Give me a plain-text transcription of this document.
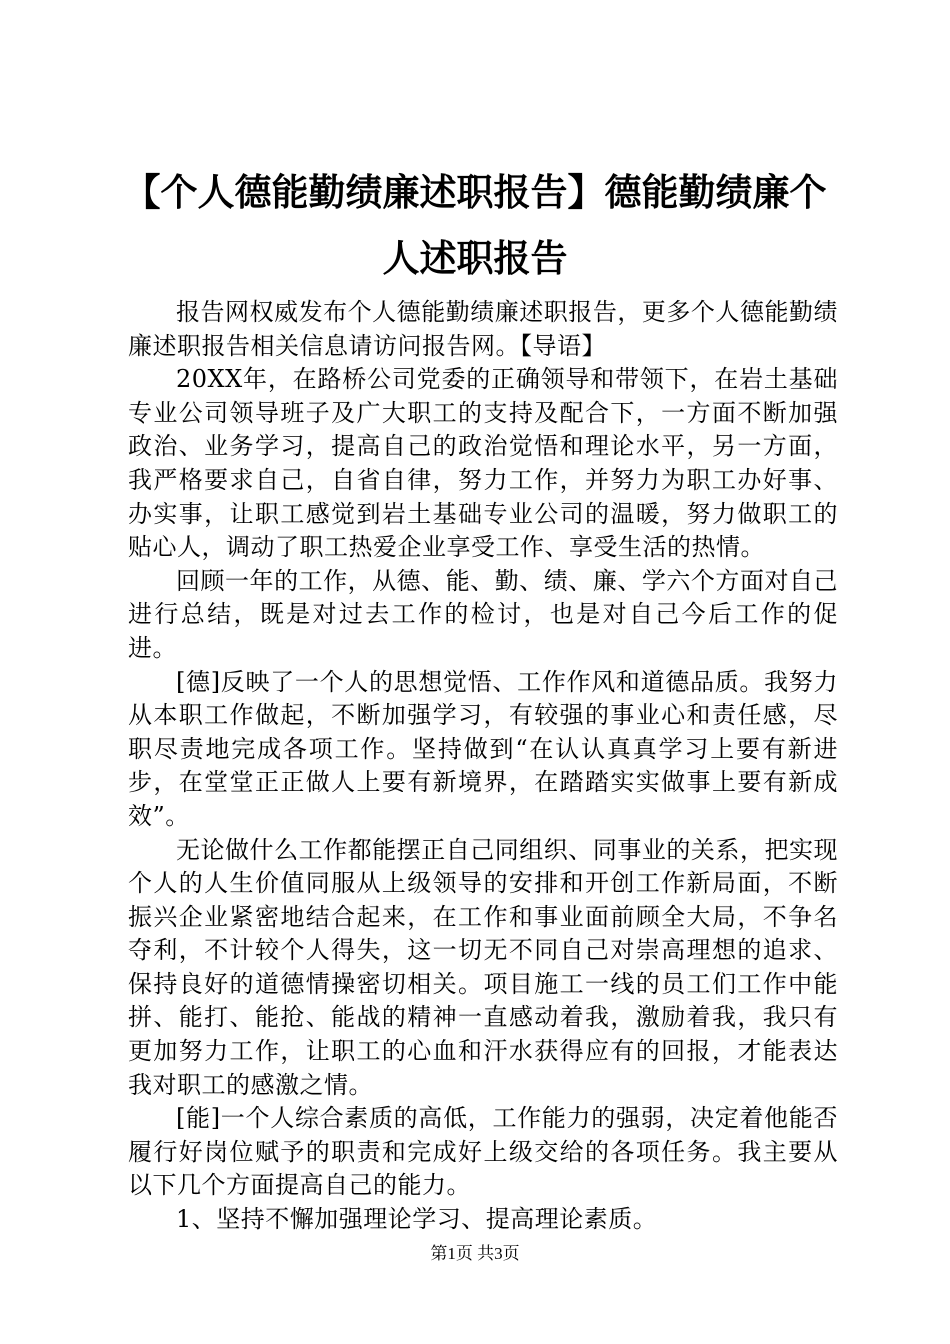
【个人德能勤绩廉述职报告】德能勤绩廉个人述职报告

报告网权威发布个人德能勤绩廉述职报告，更多个人德能勤绩廉述职报告相关信息请访问报告网。【导语】

20XX年，在路桥公司党委的正确领导和带领下，在岩土基础专业公司领导班子及广大职工的支持及配合下，一方面不断加强政治、业务学习，提高自己的政治觉悟和理论水平，另一方面，我严格要求自己，自省自律，努力工作，并努力为职工办好事、办实事，让职工感觉到岩土基础专业公司的温暖，努力做职工的贴心人，调动了职工热爱企业享受工作、享受生活的热情。

回顾一年的工作，从德、能、勤、绩、廉、学六个方面对自己进行总结，既是对过去工作的检讨，也是对自己今后工作的促进。

[德]反映了一个人的思想觉悟、工作作风和道德品质。我努力从本职工作做起，不断加强学习，有较强的事业心和责任感，尽职尽责地完成各项工作。坚持做到“在认认真真学习上要有新进步，在堂堂正正做人上要有新境界，在踏踏实实做事上要有新成效”。

无论做什么工作都能摆正自己同组织、同事业的关系，把实现个人的人生价值同服从上级领导的安排和开创工作新局面，不断振兴企业紧密地结合起来，在工作和事业面前顾全大局，不争名夺利，不计较个人得失，这一切无不同自己对崇高理想的追求、保持良好的道德情操密切相关。项目施工一线的员工们工作中能拼、能打、能抢、能战的精神一直感动着我，激励着我，我只有更加努力工作，让职工的心血和汗水获得应有的回报，才能表达我对职工的感激之情。

[能]一个人综合素质的高低，工作能力的强弱，决定着他能否履行好岗位赋予的职责和完成好上级交给的各项任务。我主要从以下几个方面提高自己的能力。

1、坚持不懈加强理论学习、提高理论素质。

第1页 共3页
